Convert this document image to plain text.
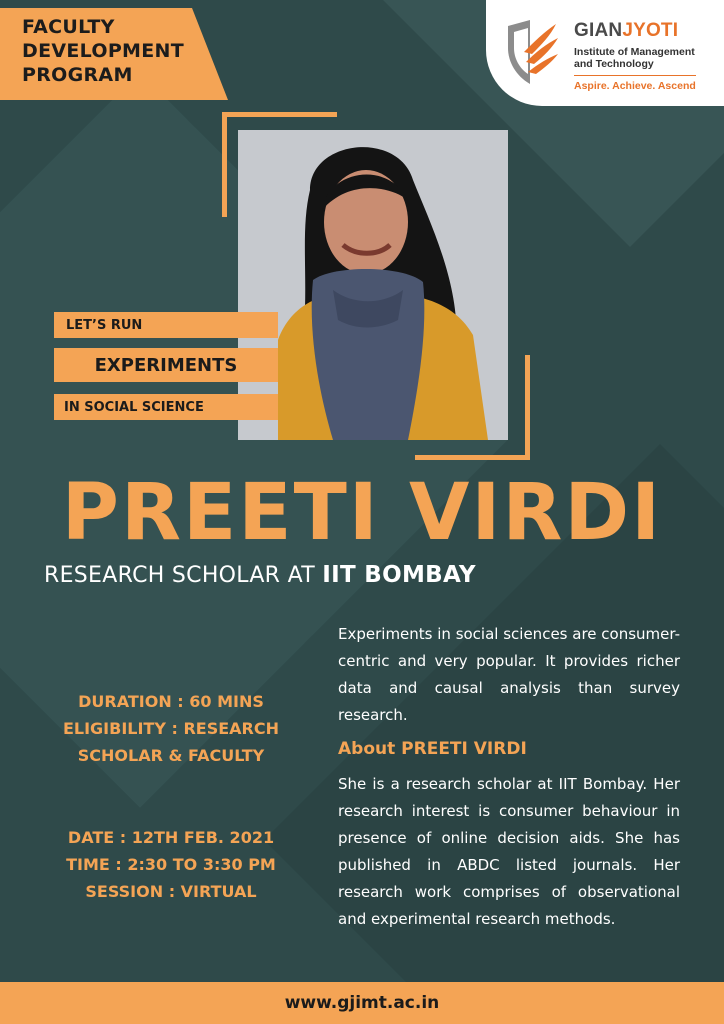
FACULTY
DEVELOPMENT
PROGRAM
GIANJYOTI
Institute of Management and Technology
Aspire. Achieve. Ascend
LET’S RUN
EXPERIMENTS
IN SOCIAL SCIENCE
PREETI VIRDI
RESEARCH SCHOLAR AT IIT BOMBAY
DURATION : 60 MINS
ELIGIBILITY : RESEARCH
SCHOLAR & FACULTY
DATE : 12TH FEB. 2021
TIME : 2:30 TO 3:30 PM
SESSION : VIRTUAL
Experiments in social sciences are consumer-centric and very popular. It provides richer data and causal analysis than survey research.
About PREETI VIRDI
She is a research scholar at IIT Bombay. Her research interest is consumer behaviour in presence of online decision aids. She has published in ABDC listed journals. Her research work comprises of observational and experimental research methods.
www.gjimt.ac.in
